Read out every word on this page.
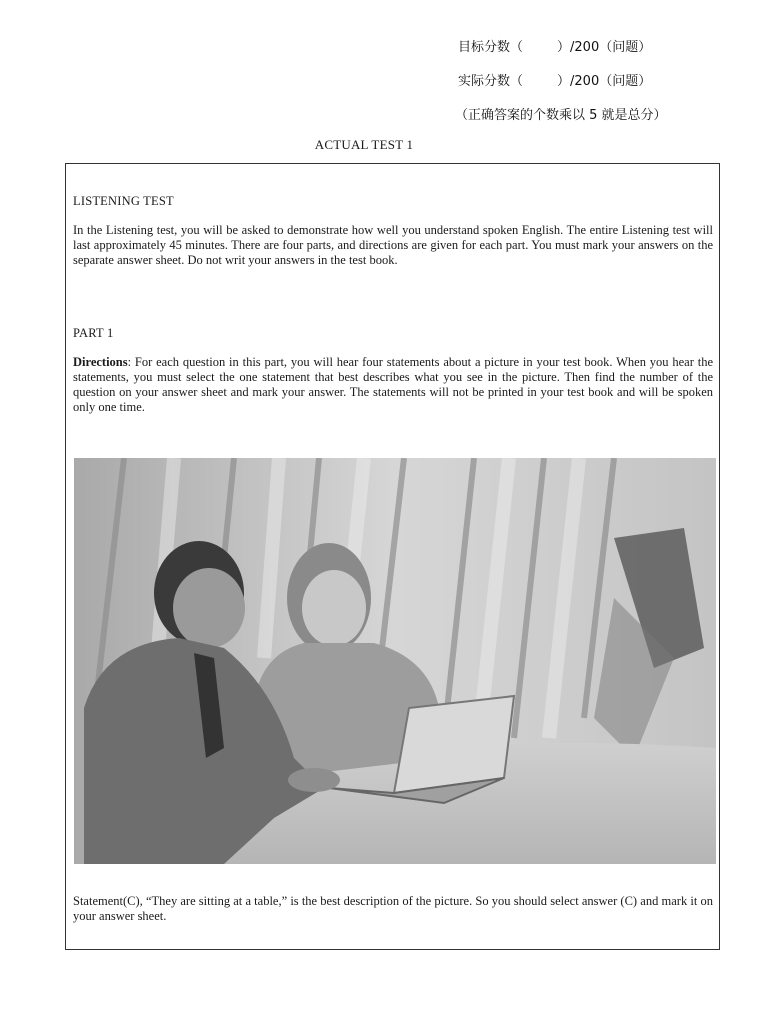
目标分数（	）/200（问题）
实际分数（	）/200（问题）
（正确答案的个数乘以 5 就是总分）
ACTUAL TEST 1
LISTENING TEST
In the Listening test, you will be asked to demonstrate how well you understand spoken English. The entire Listening test will last approximately 45 minutes. There are four parts, and directions are given for each part. You must mark your answers on the separate answer sheet. Do not writ your answers in the test book.
PART 1
Directions: For each question in this part, you will hear four statements about a picture in your test book. When you hear the statements, you must select the one statement that best describes what you see in the picture. Then find the number of the question on your answer sheet and mark your answer. The statements will not be printed in your test book and will be spoken only one time.
Statement(C), “They are sitting at a table,” is the best description of the picture. So you should select answer (C) and mark it on your answer sheet.
